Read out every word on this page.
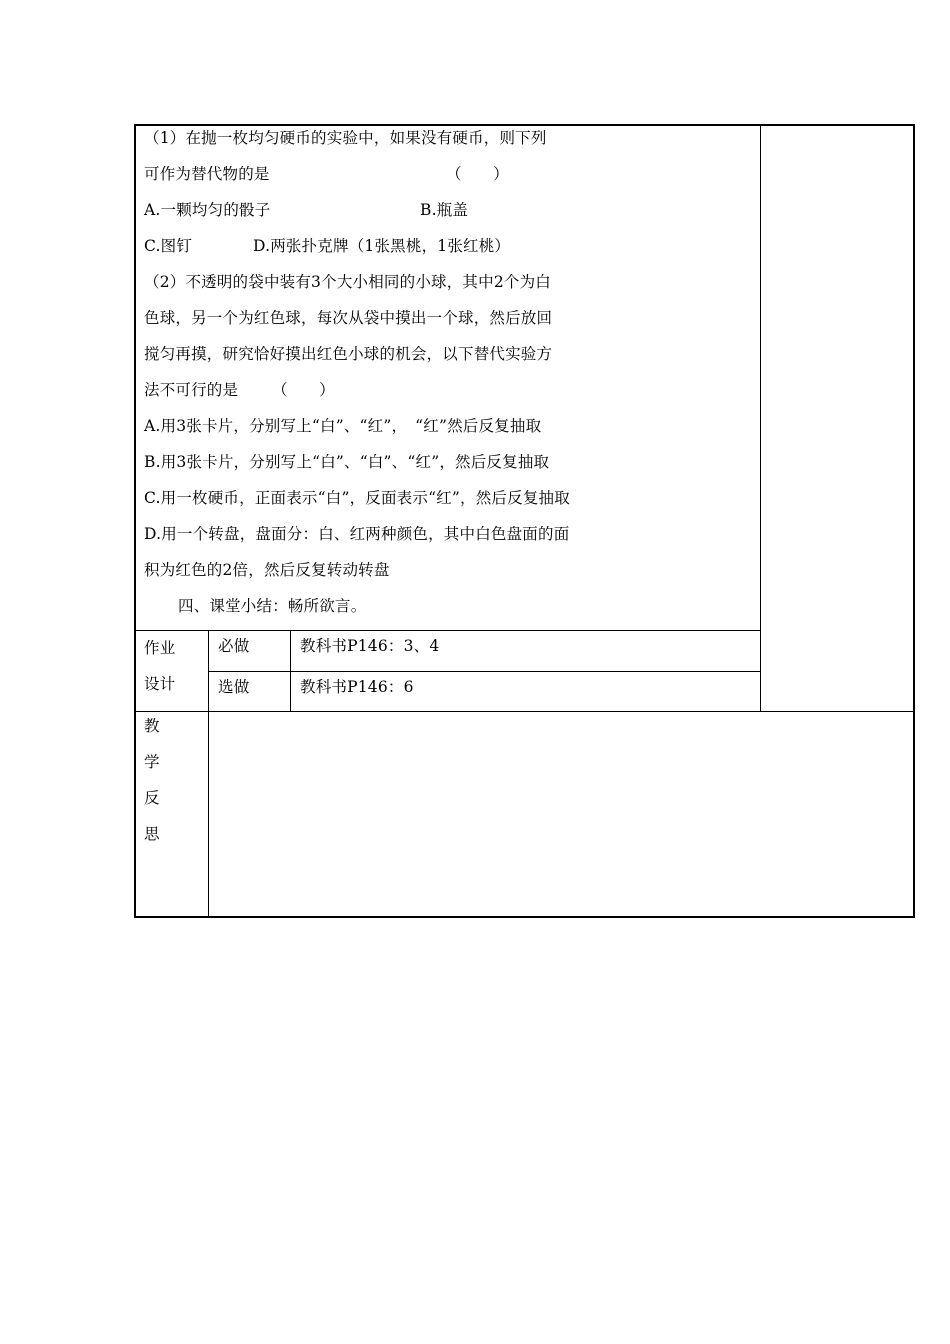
（1）在抛一枚均匀硬币的实验中，如果没有硬币，则下列
可作为替代物的是	（　　）
A.一颗均匀的骰子	B.瓶盖
C.图钉	D.两张扑克牌（1张黑桃，1张红桃）
（2）不透明的袋中装有3个大小相同的小球，其中2个为白
色球，另一个为红色球，每次从袋中摸出一个球，然后放回
搅匀再摸，研究恰好摸出红色小球的机会，以下替代实验方
法不可行的是 （　　）
A.用3张卡片，分别写上“白”、“红”，　“红”然后反复抽取
B.用3张卡片，分别写上“白”、“白”、“红”，然后反复抽取
C.用一枚硬币，正面表示“白”，反面表示“红”，然后反复抽取
D.用一个转盘，盘面分：白、红两种颜色，其中白色盘面的面
积为红色的2倍，然后反复转动转盘
四、课堂小结：畅所欲言。
作业
设计
必做	教科书P146：3、4
选做	教科书P146：6
教
学
反
思
